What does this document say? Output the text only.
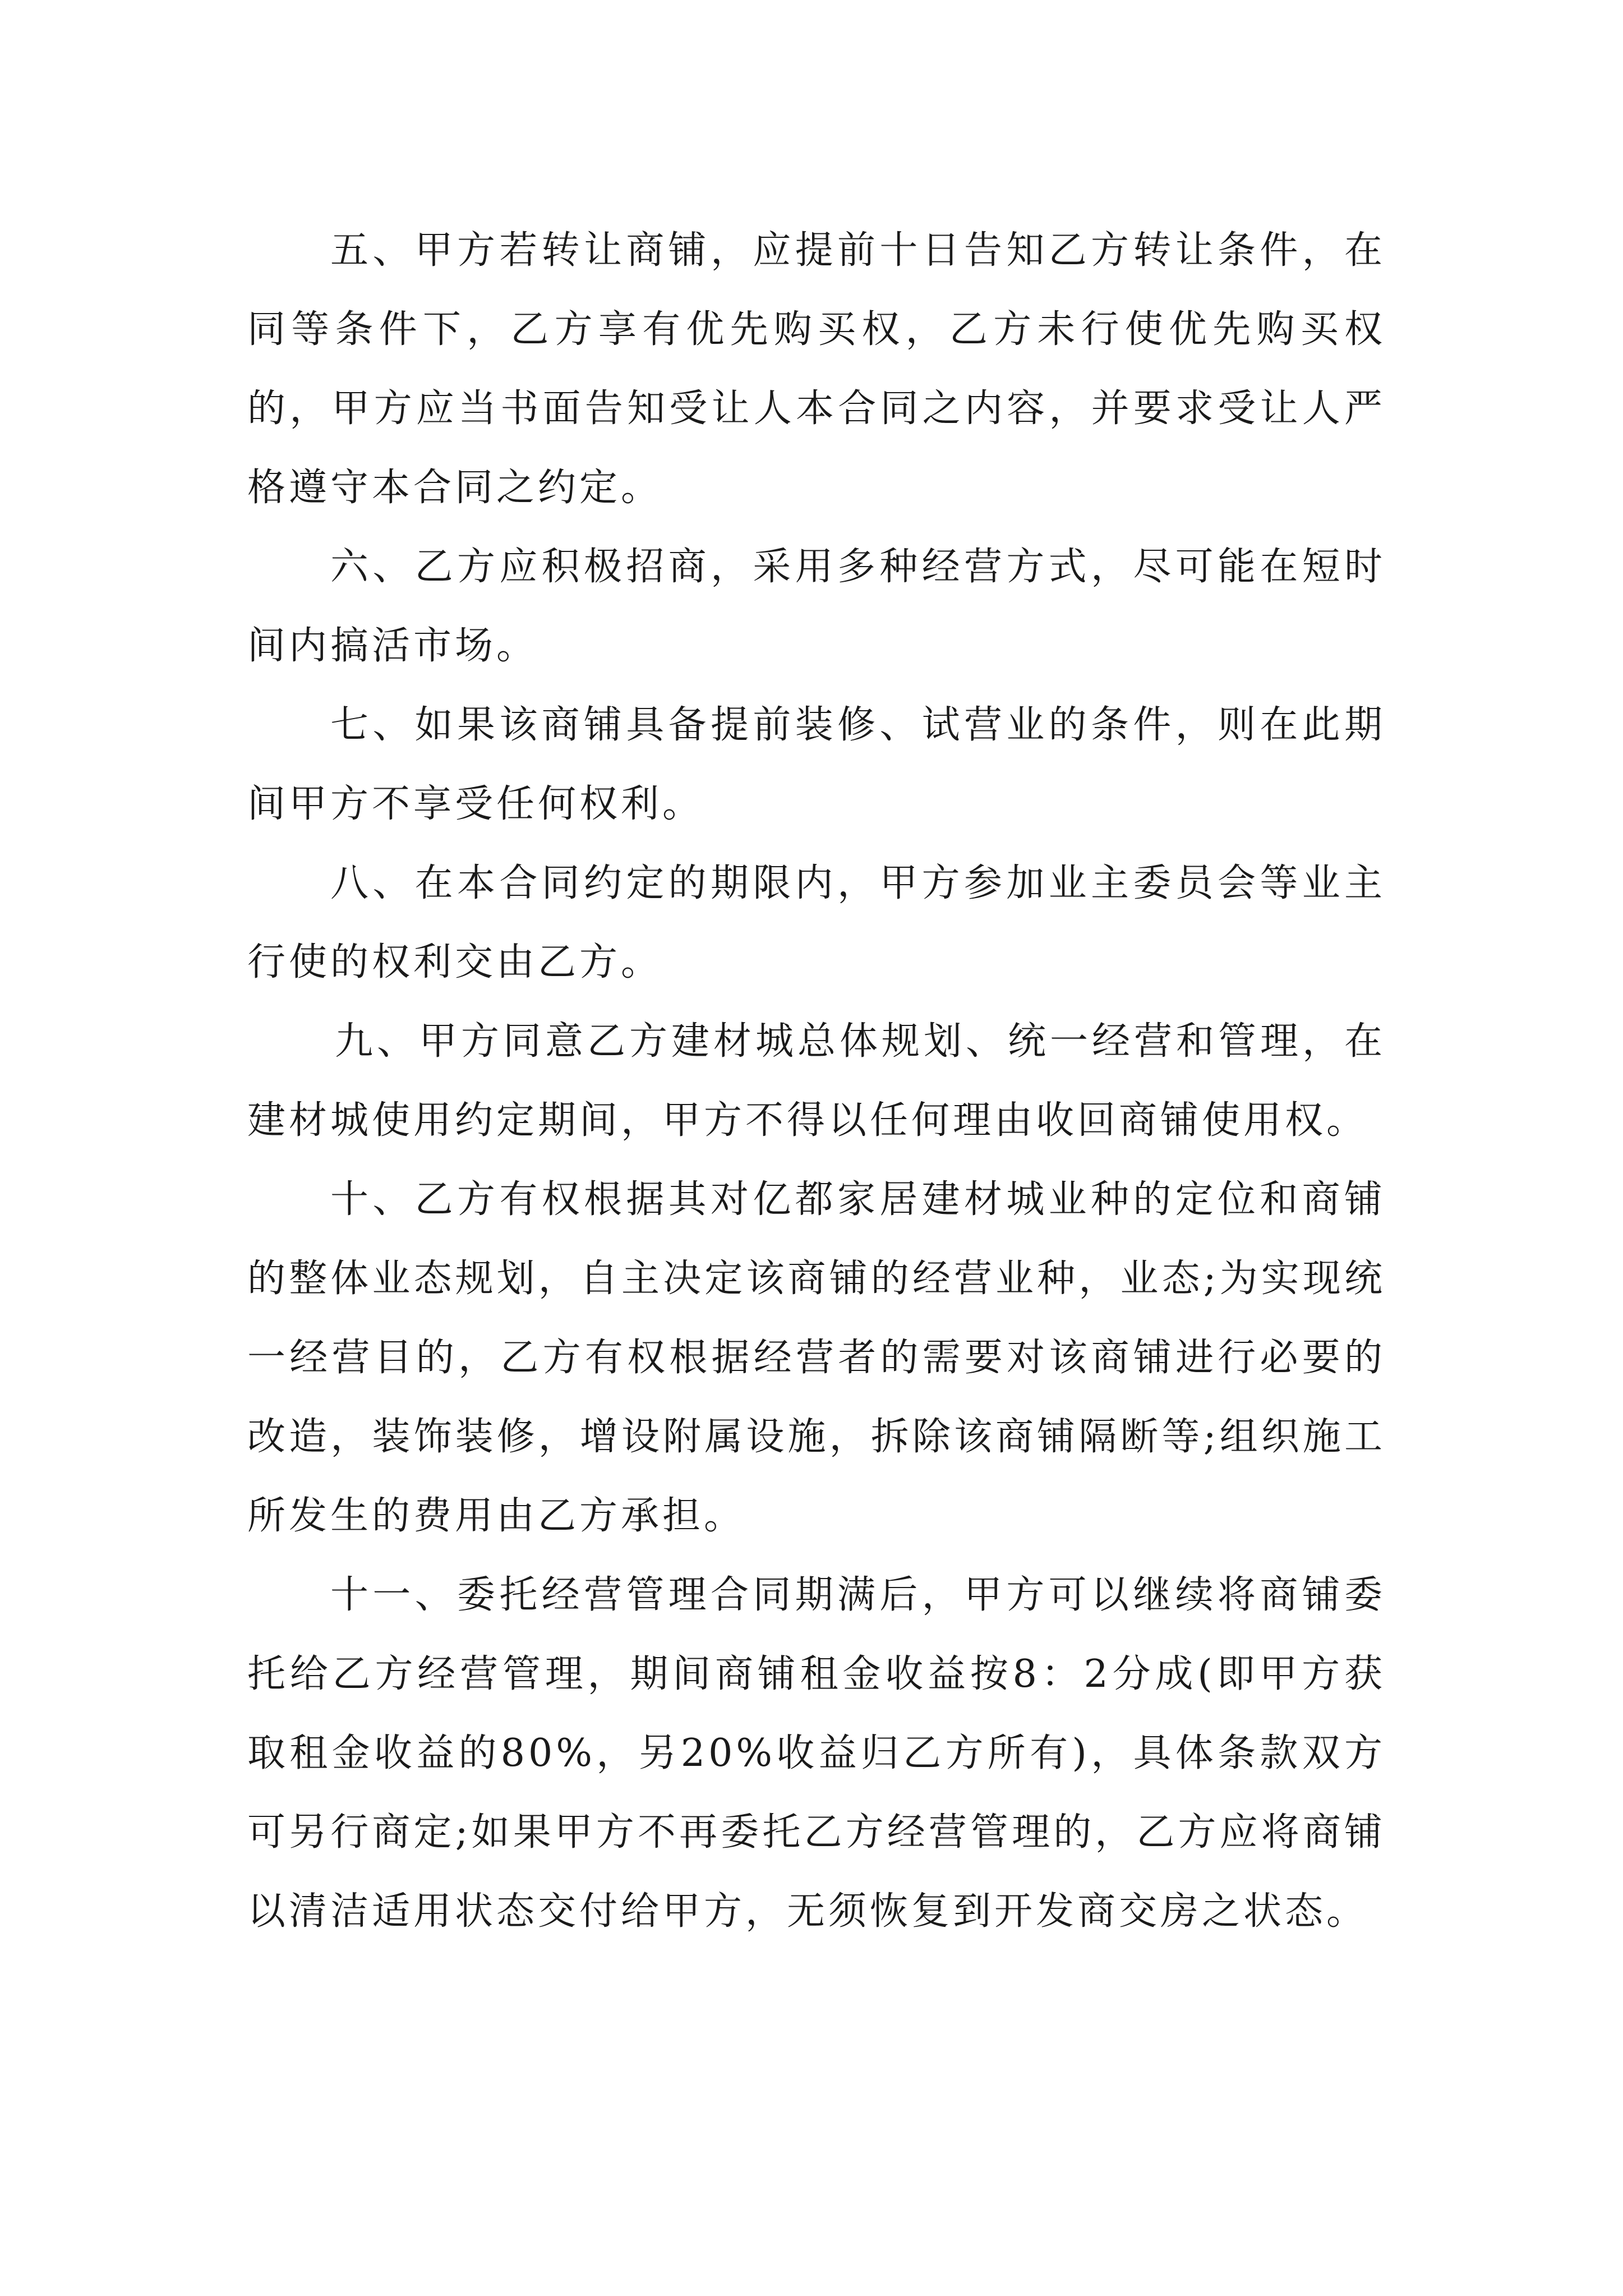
五、甲方若转让商铺，应提前十日告知乙方转让条件，在同等条件下，乙方享有优先购买权，乙方未行使优先购买权的，甲方应当书面告知受让人本合同之内容，并要求受让人严格遵守本合同之约定。

六、乙方应积极招商，采用多种经营方式，尽可能在短时间内搞活市场。

七、如果该商铺具备提前装修、试营业的条件，则在此期间甲方不享受任何权利。

八、在本合同约定的期限内，甲方参加业主委员会等业主行使的权利交由乙方。

九、甲方同意乙方建材城总体规划、统一经营和管理，在建材城使用约定期间，甲方不得以任何理由收回商铺使用权。

十、乙方有权根据其对亿都家居建材城业种的定位和商铺的整体业态规划，自主决定该商铺的经营业种，业态;为实现统一经营目的，乙方有权根据经营者的需要对该商铺进行必要的改造，装饰装修，增设附属设施，拆除该商铺隔断等;组织施工所发生的费用由乙方承担。

十一、委托经营管理合同期满后，甲方可以继续将商铺委托给乙方经营管理，期间商铺租金收益按8：2分成(即甲方获取租金收益的80%，另20%收益归乙方所有)，具体条款双方可另行商定;如果甲方不再委托乙方经营管理的，乙方应将商铺以清洁适用状态交付给甲方，无须恢复到开发商交房之状态。
